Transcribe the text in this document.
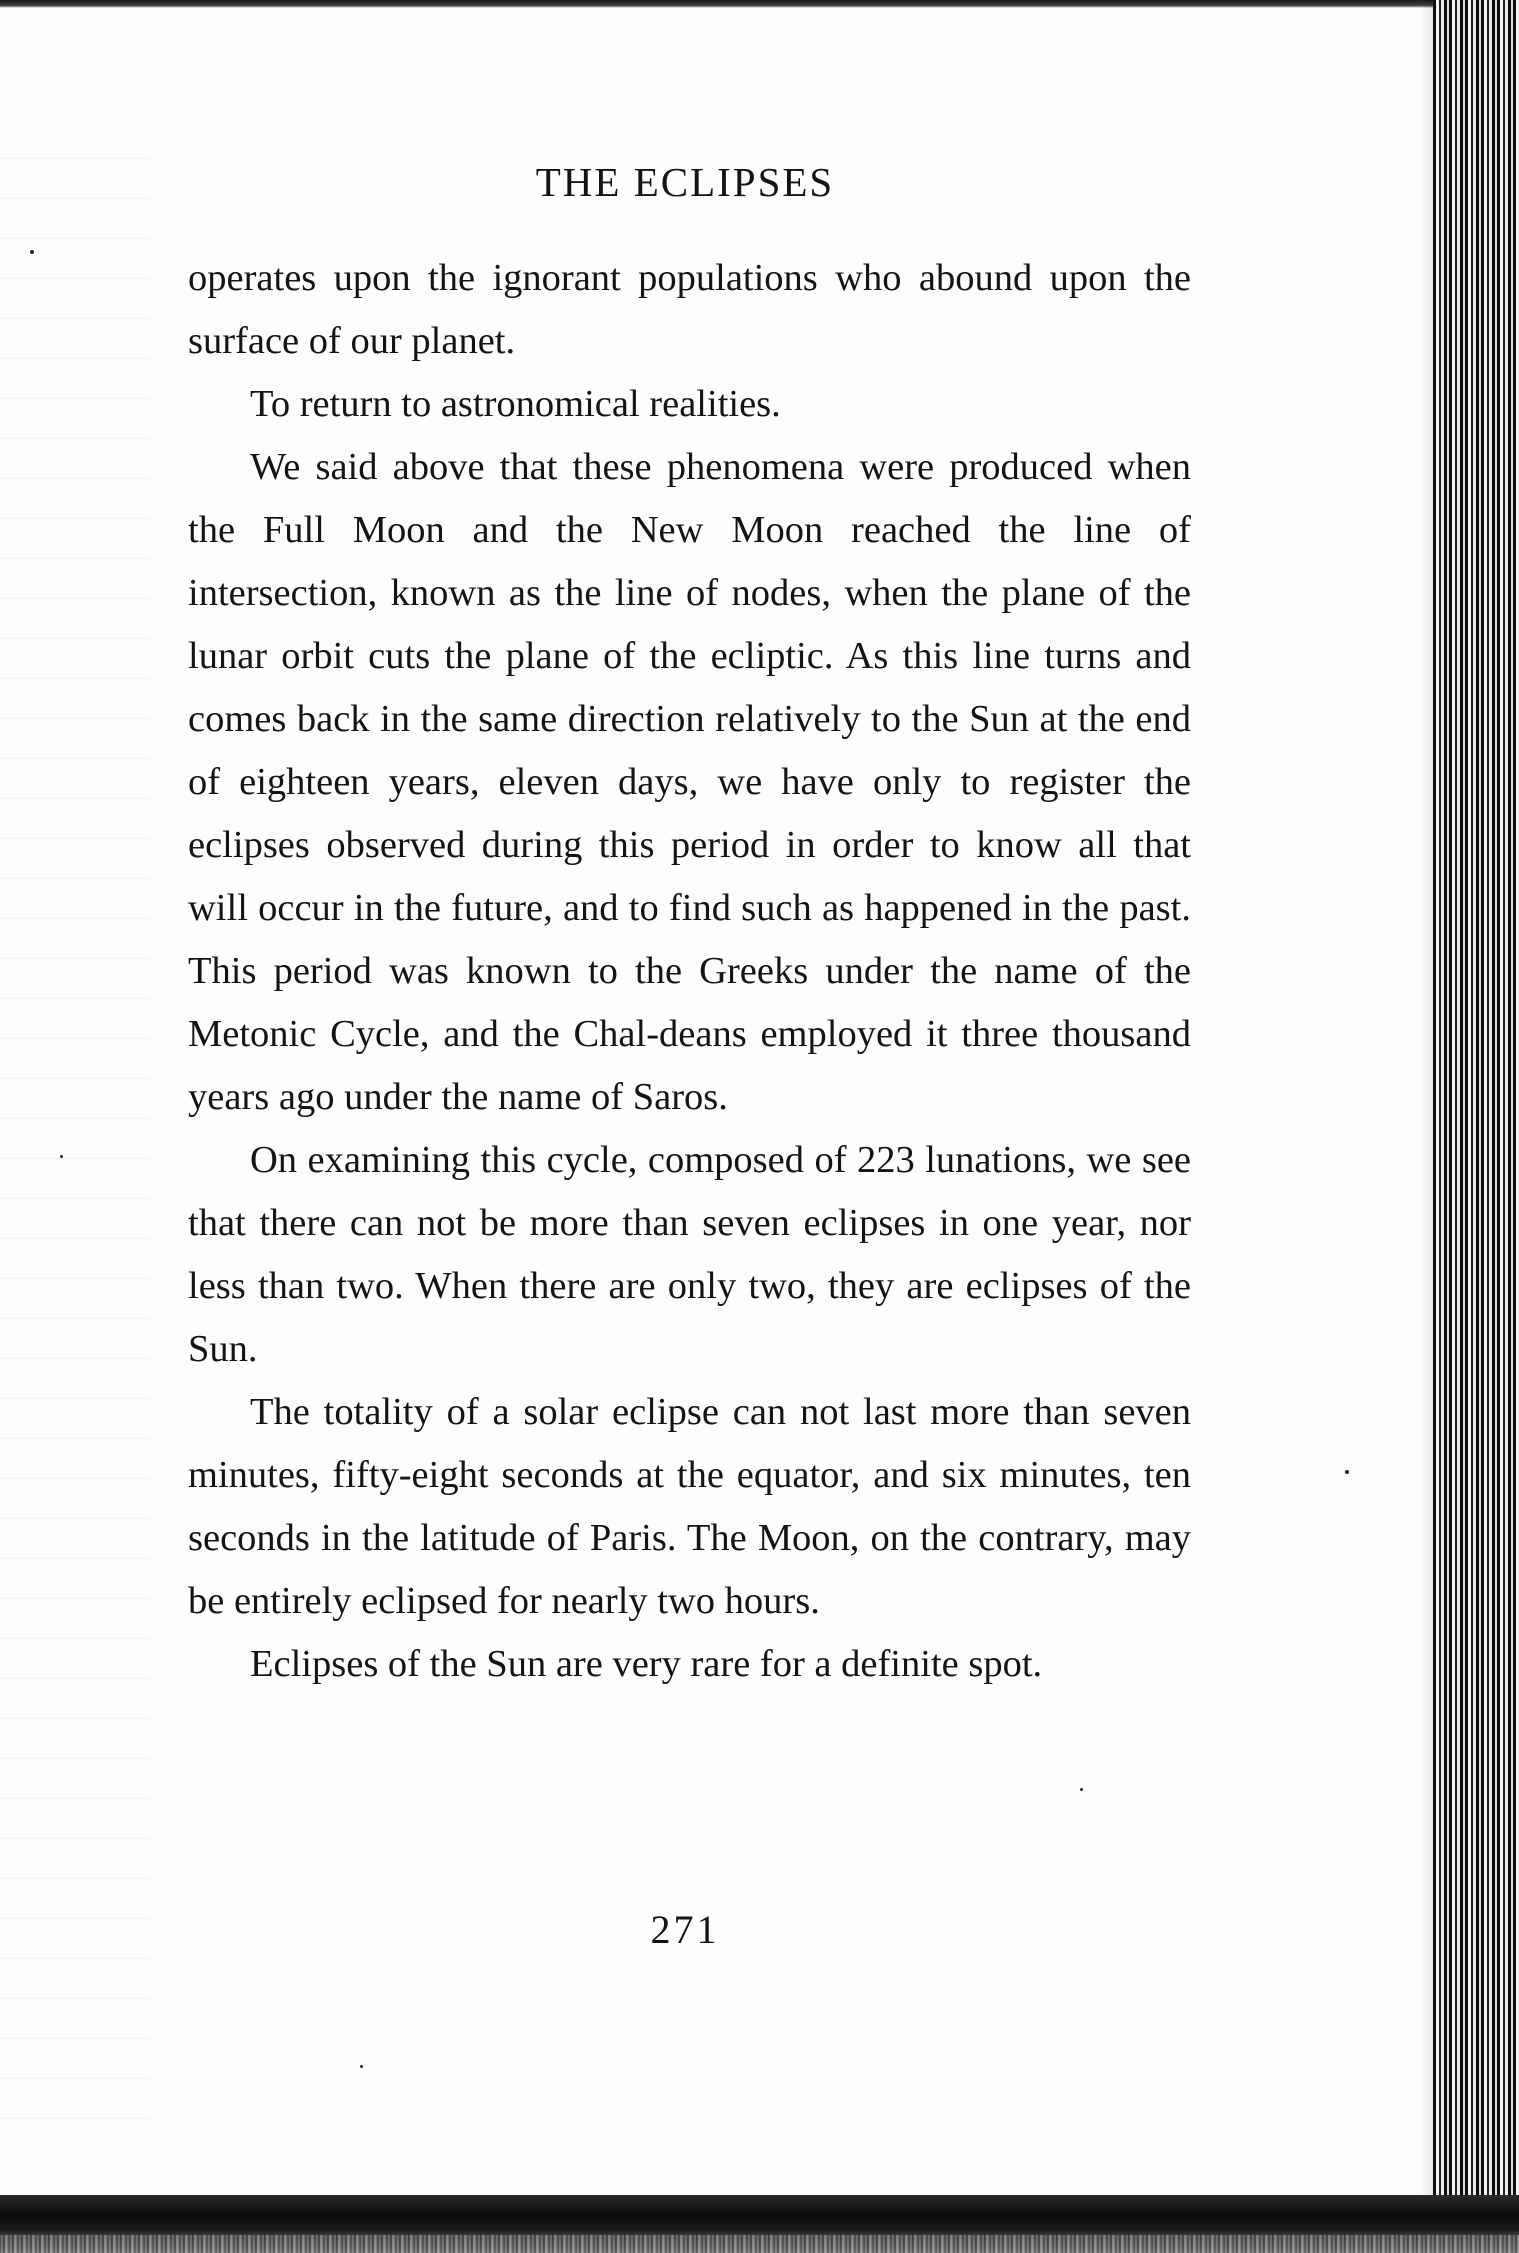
THE ECLIPSES

operates upon the ignorant populations who abound upon the surface of our planet.

To return to astronomical realities.

We said above that these phenomena were produced when the Full Moon and the New Moon reached the line of intersection, known as the line of nodes, when the plane of the lunar orbit cuts the plane of the ecliptic. As this line turns and comes back in the same direction relatively to the Sun at the end of eighteen years, eleven days, we have only to register the eclipses observed during this period in order to know all that will occur in the future, and to find such as happened in the past. This period was known to the Greeks under the name of the Metonic Cycle, and the Chal-deans employed it three thousand years ago under the name of Saros.

On examining this cycle, composed of 223 lunations, we see that there can not be more than seven eclipses in one year, nor less than two. When there are only two, they are eclipses of the Sun.

The totality of a solar eclipse can not last more than seven minutes, fifty-eight seconds at the equator, and six minutes, ten seconds in the latitude of Paris. The Moon, on the contrary, may be entirely eclipsed for nearly two hours.

Eclipses of the Sun are very rare for a definite spot.

271
